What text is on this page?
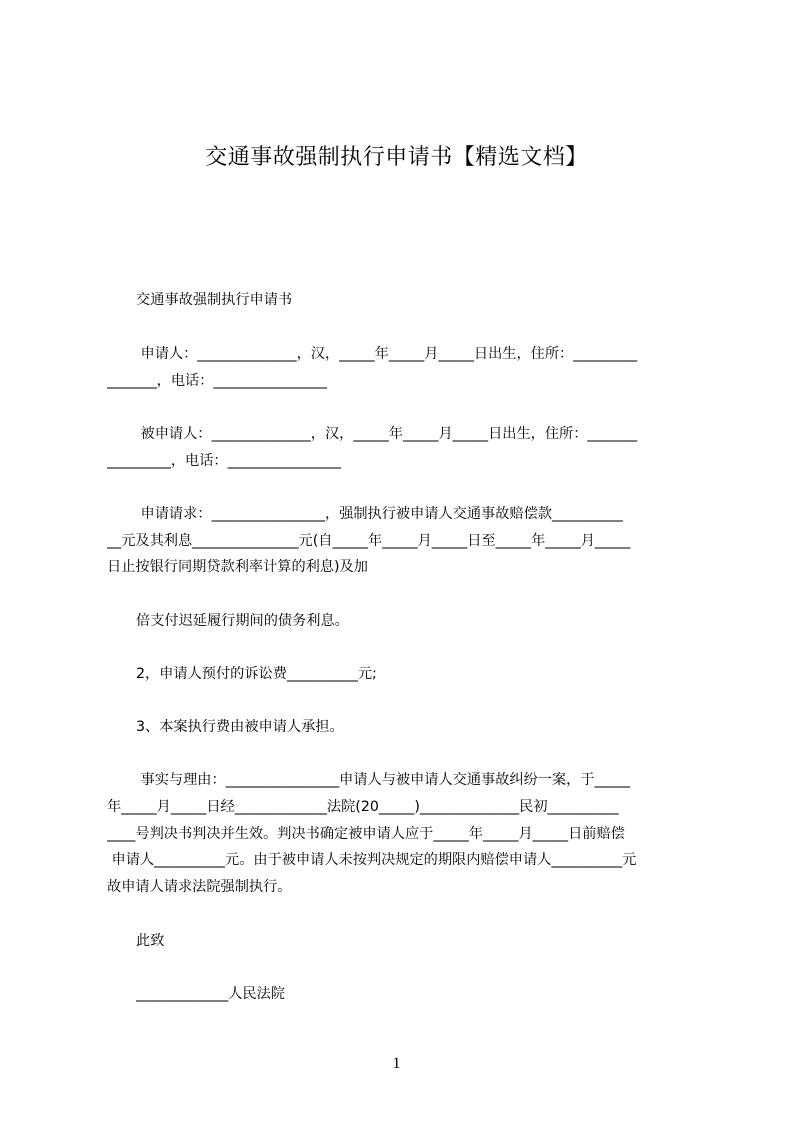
交通事故强制执行申请书【精选文档】
交通事故强制执行申请书
申请人：______________，汉，_____年_____月_____日出生，住所：_________
_______，电话：________________
被申请人：______________，汉，_____年_____月_____日出生，住所：_______
_________，电话：________________
申请请求：________________，强制执行被申请人交通事故赔偿款__________
__元及其利息_______________元(自_____年_____月_____日至_____年_____月_____
日止按银行同期贷款利率计算的利息)及加
倍支付迟延履行期间的债务利息。
2，申请人预付的诉讼费__________元;
3、本案执行费由被申请人承担。
事实与理由：________________申请人与被申请人交通事故纠纷一案，于_____
年_____月_____日经_____________法院(20_____)______________民初__________
____号判决书判决并生效。判决书确定被申请人应于_____年_____月_____日前赔偿
申请人__________元。由于被申请人未按判决规定的期限内赔偿申请人__________元
故申请人请求法院强制执行。
此致
_____________人民法院
1
